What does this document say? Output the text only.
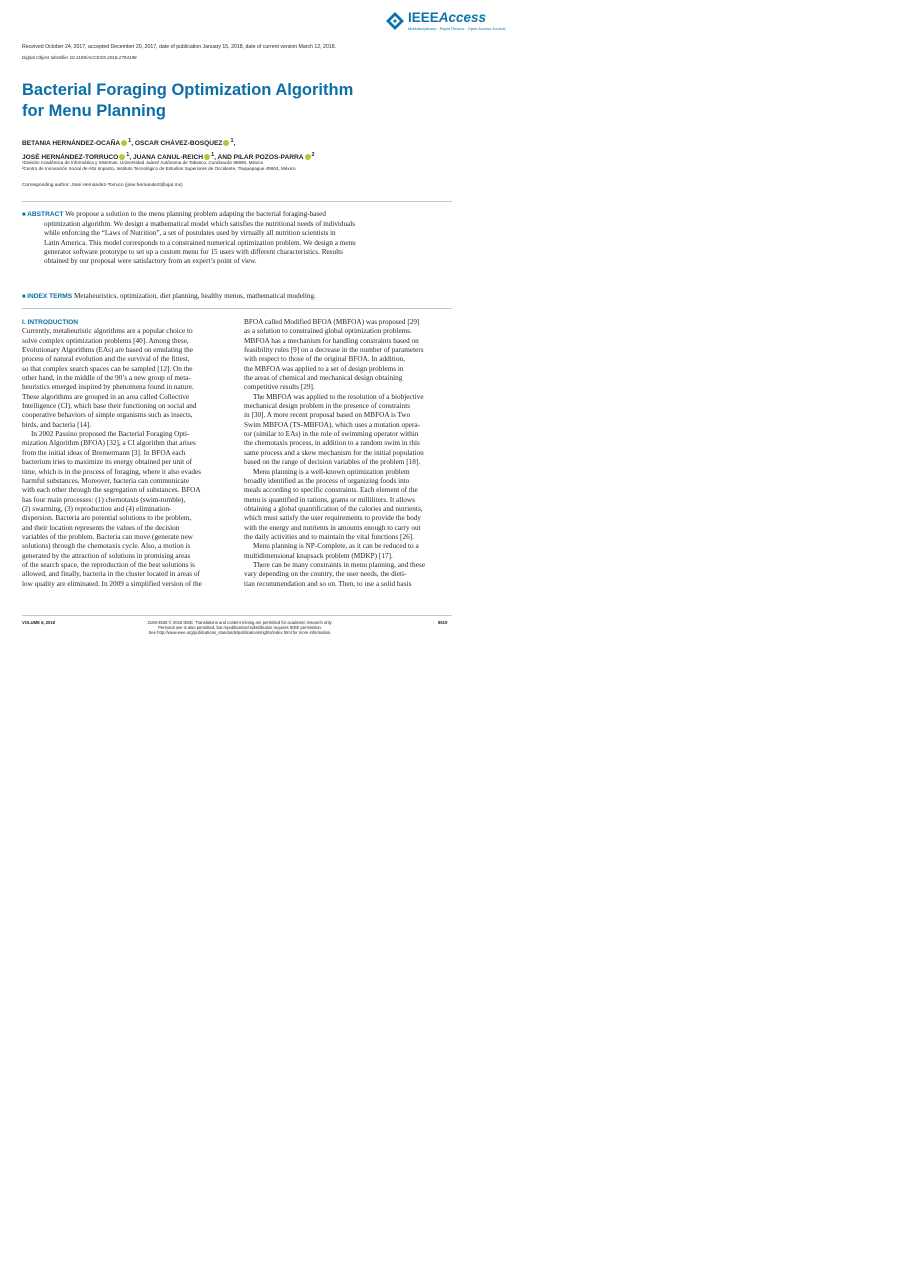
IEEEAccess
Multidisciplinary : Rapid Review : Open Access Journal
Received October 24, 2017, accepted December 20, 2017, date of publication January 15, 2018, date of current version March 12, 2018.
Digital Object Identifier 10.1109/ACCESS.2018.2794198
Bacterial Foraging Optimization Algorithm
for Menu Planning
BETANIA HERNÁNDEZ-OCAÑA $^1$, OSCAR CHÁVEZ-BOSQUEZ $^1$,
JOSÉ HERNÁNDEZ-TORRUCO $^1$, JUANA CANUL-REICH $^1$, AND PILAR POZOS-PARRA $^2$
¹División Académica de Informática y Sistemas, Universidad Juárez Autónoma de Tabasco, Cunduacán 86690, México
²Centro de Innovación Social de Alto Impacto, Instituto Tecnológico de Estudios Superiores de Occidente, Tlaquepaque 45604, México
Corresponding author: José Hernández-Torruco (jose.hernandezt@ujat.mx)
■ ABSTRACT We propose a solution to the menu planning problem adapting the bacterial foraging-based
optimization algorithm. We design a mathematical model which satisfies the nutritional needs of individuals
while enforcing the “Laws of Nutrition”, a set of postulates used by virtually all nutrition scientists in
Latin America. This model corresponds to a constrained numerical optimization problem. We design a menu
generator software prototype to set up a custom menu for 15 users with different characteristics. Results
obtained by our proposal were satisfactory from an expert’s point of view.
■ INDEX TERMS Metaheuristics, optimization, diet planning, healthy menus, mathematical modeling.
I. INTRODUCTION
Currently, metaheuristic algorithms are a popular choice to
solve complex optimization problems [40]. Among these,
Evolutionary Algorithms (EAs) are based on emulating the
process of natural evolution and the survival of the fittest,
so that complex search spaces can be sampled [12]. On the
other hand, in the middle of the 90’s a new group of meta-
heuristics emerged inspired by phenomena found in nature.
These algorithms are grouped in an area called Collective
Intelligence (CI), which base their functioning on social and
cooperative behaviors of simple organisms such as insects,
birds, and bacteria [14].
In 2002 Passino proposed the Bacterial Foraging Opti-
mization Algorithm (BFOA) [32], a CI algorithm that arises
from the initial ideas of Bremermann [3]. In BFOA each
bacterium tries to maximize its energy obtained per unit of
time, which is in the process of foraging, where it also evades
harmful substances. Moreover, bacteria can communicate
with each other through the segregation of substances. BFOA
has four main processes: (1) chemotaxis (swim-tumble),
(2) swarming, (3) reproduction and (4) elimination-
dispersion. Bacteria are potential solutions to the problem,
and their location represents the values of the decision
variables of the problem. Bacteria can move (generate new
solutions) through the chemotaxis cycle. Also, a motion is
generated by the attraction of solutions in promising areas
of the search space, the reproduction of the best solutions is
allowed, and finally, bacteria in the cluster located in areas of
low quality are eliminated. In 2009 a simplified version of the
BFOA called Modified BFOA (MBFOA) was proposed [29]
as a solution to constrained global optimization problems.
MBFOA has a mechanism for handling constraints based on
feasibility rules [9] on a decrease in the number of parameters
with respect to those of the original BFOA. In addition,
the MBFOA was applied to a set of design problems in
the areas of chemical and mechanical design obtaining
competitive results [29].
The MBFOA was applied to the resolution of a biobjective
mechanical design problem in the presence of constraints
in [30]. A more recent proposal based on MBFOA is Two
Swim MBFOA (TS-MBFOA), which uses a mutation opera-
tor (similar to EAs) in the role of swimming operator within
the chemotaxis process, in addition to a random swim in this
same process and a skew mechanism for the initial population
based on the range of decision variables of the problem [18].
Menu planning is a well-known optimization problem
broadly identified as the process of organizing foods into
meals according to specific constraints. Each element of the
menu is quantified in rations, grams or milliliters. It allows
obtaining a global quantification of the calories and nutrients,
which must satisfy the user requirements to provide the body
with the energy and nutrients in amounts enough to carry out
the daily activities and to maintain the vital functions [26].
Menu planning is NP-Complete, as it can be reduced to a
multidimensional knapsack problem (MDKP) [17].
There can be many constraints in menu planning, and these
vary depending on the country, the user needs, the dieti-
tian recommendation and so on. Then, to use a solid basis
VOLUME 6, 2018	2169-3536 © 2018 IEEE. Translations and content mining are permitted for academic research only.
Personal use is also permitted, but republication/redistribution requires IEEE permission.
See http://www.ieee.org/publications_standards/publications/rights/index.html for more information.
8619
